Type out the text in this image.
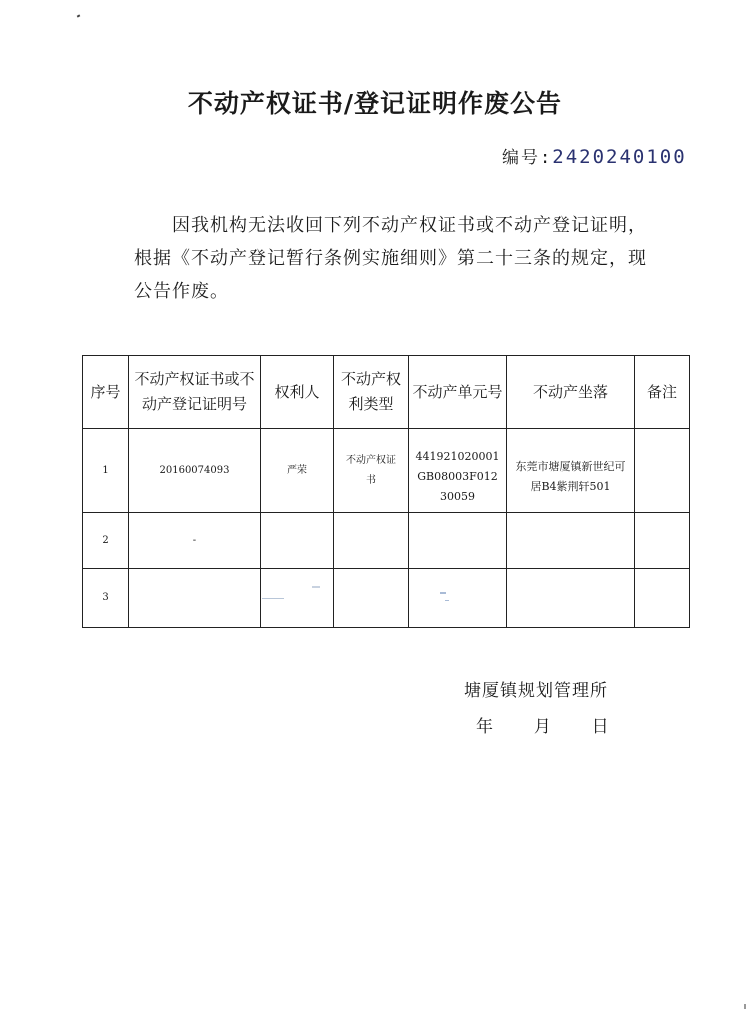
不动产权证书/登记证明作废公告
编号:2420240100
因我机构无法收回下列不动产权证书或不动产登记证明，根据《不动产登记暂行条例实施细则》第二十三条的规定，现公告作废。
序号	不动产权证书或不动产登记证明号	权利人	不动产权利类型	不动产单元号	不动产坐落	备注
1	20160074093	严荣	不动产权证书	441921020001GB08003F01230059	东莞市塘厦镇新世纪可居B4紫荆轩501	
2	-					
3						
塘厦镇规划管理所
年 月 日
